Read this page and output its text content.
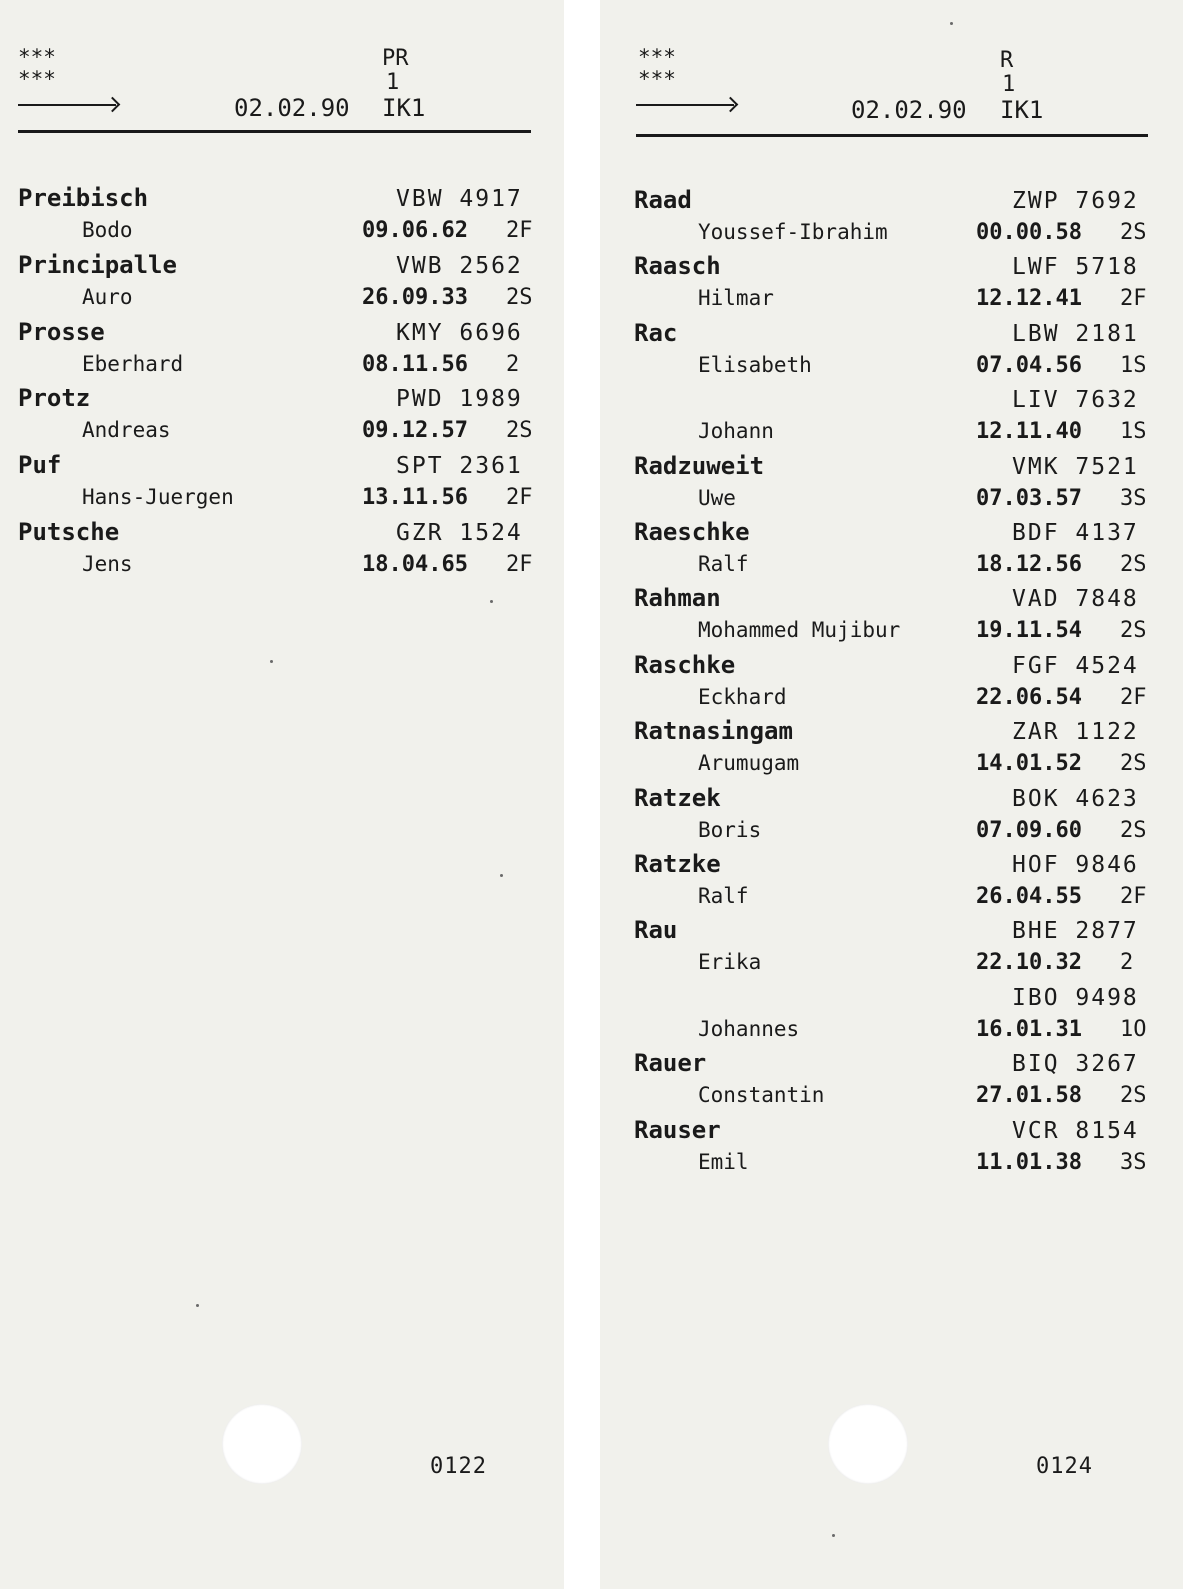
***
***
PR
1
02.02.90 IK1
Preibisch
Bodo
VBW 4917
09.06.62 2F
Principalle
Auro
VWB 2562
26.09.33 2S
Prosse
Eberhard
KMY 6696
08.11.56 2
Protz
Andreas
PWD 1989
09.12.57 2S
Puf
Hans-Juergen
SPT 2361
13.11.56 2F
Putsche
Jens
GZR 1524
18.04.65 2F
0122
***
***
R
1
02.02.90 IK1
Raad
Youssef-Ibrahim
ZWP 7692
00.00.58 2S
Raasch
Hilmar
LWF 5718
12.12.41 2F
Rac
Elisabeth
LBW 2181
07.04.56 1S
Johann
LIV 7632
12.11.40 1S
Radzuweit
Uwe
VMK 7521
07.03.57 3S
Raeschke
Ralf
BDF 4137
18.12.56 2S
Rahman
Mohammed Mujibur
VAD 7848
19.11.54 2S
Raschke
Eckhard
FGF 4524
22.06.54 2F
Ratnasingam
Arumugam
ZAR 1122
14.01.52 2S
Ratzek
Boris
BOK 4623
07.09.60 2S
Ratzke
Ralf
HOF 9846
26.04.55 2F
Rau
Erika
BHE 2877
22.10.32 2
Johannes
IBO 9498
16.01.31 1O
Rauer
Constantin
BIQ 3267
27.01.58 2S
Rauser
Emil
VCR 8154
11.01.38 3S
0124
